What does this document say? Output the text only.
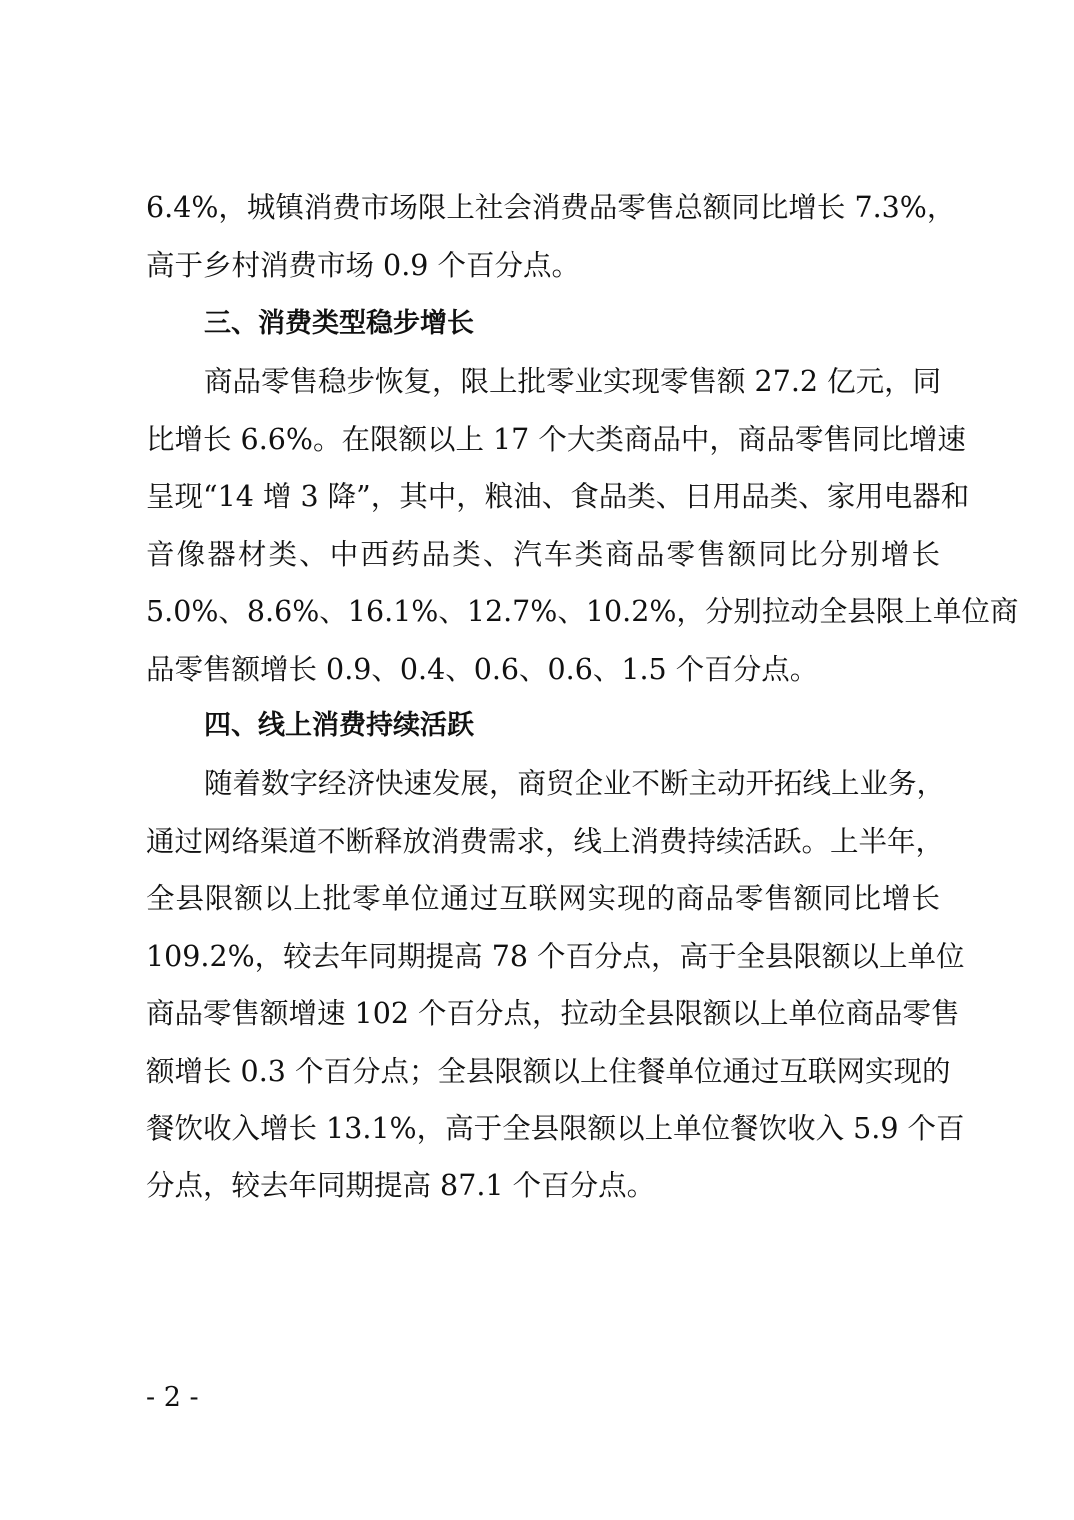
6.4%，城镇消费市场限上社会消费品零售总额同比增长 7.3%，
高于乡村消费市场 0.9 个百分点。
三、消费类型稳步增长
商品零售稳步恢复，限上批零业实现零售额 27.2 亿元，同
比增长 6.6%。在限额以上 17 个大类商品中，商品零售同比增速
呈现“14 增 3 降”，其中，粮油、食品类、日用品类、家用电器和
音像器材类、中西药品类、汽车类商品零售额同比分别增长
5.0%、8.6%、16.1%、12.7%、10.2%，分别拉动全县限上单位商
品零售额增长 0.9、0.4、0.6、0.6、1.5 个百分点。
四、线上消费持续活跃
随着数字经济快速发展，商贸企业不断主动开拓线上业务，
通过网络渠道不断释放消费需求，线上消费持续活跃。上半年，
全县限额以上批零单位通过互联网实现的商品零售额同比增长
109.2%，较去年同期提高 78 个百分点，高于全县限额以上单位
商品零售额增速 102 个百分点，拉动全县限额以上单位商品零售
额增长 0.3 个百分点；全县限额以上住餐单位通过互联网实现的
餐饮收入增长 13.1%，高于全县限额以上单位餐饮收入 5.9 个百
分点，较去年同期提高 87.1 个百分点。
- 2 -
